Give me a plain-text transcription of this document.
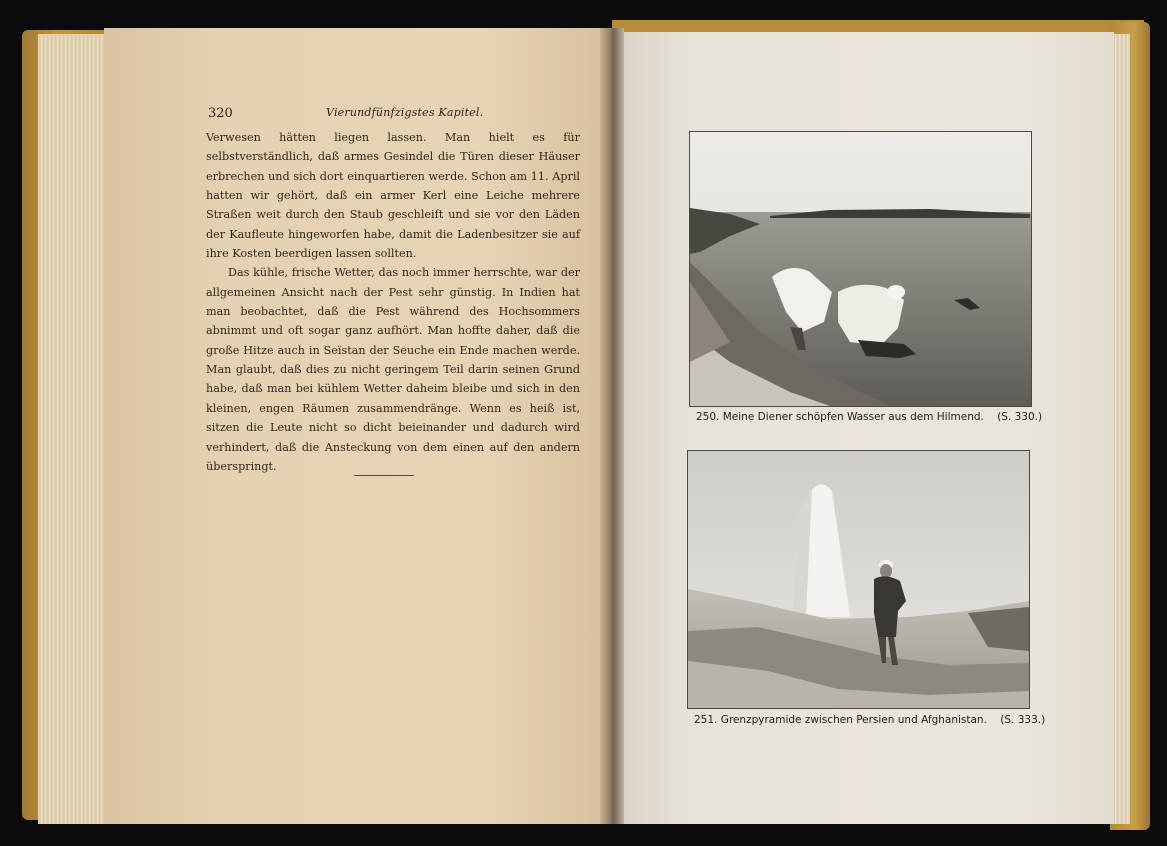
320	Vierundfünfzigstes Kapitel.

Verwesen hätten liegen lassen. Man hielt es für selbstverständlich, daß armes Gesindel die Türen dieser Häuser erbrechen und sich dort einquartieren werde. Schon am 11. April hatten wir gehört, daß ein armer Kerl eine Leiche mehrere Straßen weit durch den Staub geschleift und sie vor den Läden der Kaufleute hingeworfen habe, damit die Ladenbesitzer sie auf ihre Kosten beerdigen lassen sollten.

Das kühle, frische Wetter, das noch immer herrschte, war der allgemeinen Ansicht nach der Pest sehr günstig. In Indien hat man beobachtet, daß die Pest während des Hochsommers abnimmt und oft sogar ganz aufhört. Man hoffte daher, daß die große Hitze auch in Seïstan der Seuche ein Ende machen werde. Man glaubt, daß dies zu nicht geringem Teil darin seinen Grund habe, daß man bei kühlem Wetter daheim bleibe und sich in den kleinen, engen Räumen zusammendränge. Wenn es heiß ist, sitzen die Leute nicht so dicht beieinander und dadurch wird verhindert, daß die Ansteckung von dem einen auf den andern überspringt.

250. Meine Diener schöpfen Wasser aus dem Hilmend. (S. 330.)
251. Grenzpyramide zwischen Persien und Afghanistan. (S. 333.)
